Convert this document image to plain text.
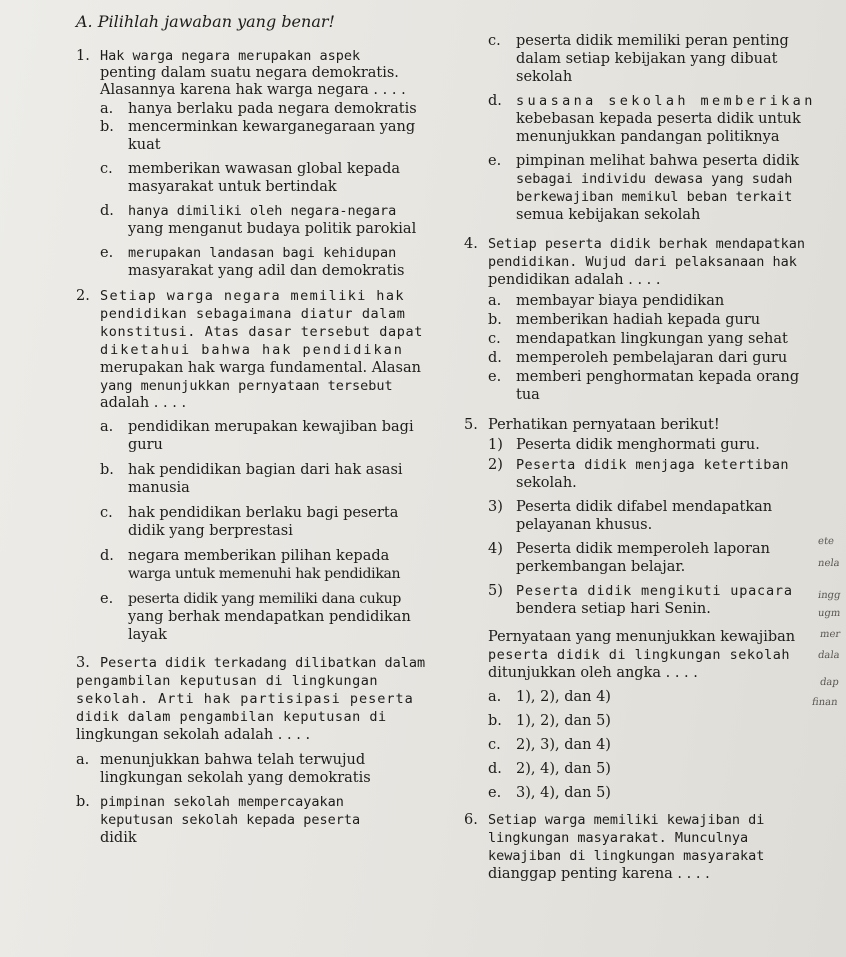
A. Pilihlah jawaban yang benar!
1. Hak warga negara merupakan aspek
penting dalam suatu negara demokratis.
Alasannya karena hak warga negara . . . .
a. hanya berlaku pada negara demokratis
b. mencerminkan kewarganegaraan yang
kuat
c. memberikan wawasan global kepada
masyarakat untuk bertindak
d. hanya dimiliki oleh negara-negara
yang menganut budaya politik parokial
e. merupakan landasan bagi kehidupan
masyarakat yang adil dan demokratis
2. Setiap warga negara memiliki hak
pendidikan sebagaimana diatur dalam
konstitusi. Atas dasar tersebut dapat
diketahui bahwa hak pendidikan
merupakan hak warga fundamental. Alasan
yang menunjukkan pernyataan tersebut
adalah . . . .
a. pendidikan merupakan kewajiban bagi
guru
b. hak pendidikan bagian dari hak asasi
manusia
c. hak pendidikan berlaku bagi peserta
didik yang berprestasi
d. negara memberikan pilihan kepada
warga untuk memenuhi hak pendidikan
e. peserta didik yang memiliki dana cukup
yang berhak mendapatkan pendidikan
layak
3. Peserta didik terkadang dilibatkan dalam
pengambilan keputusan di lingkungan
sekolah. Arti hak partisipasi peserta
didik dalam pengambilan keputusan di
lingkungan sekolah adalah . . . .
a. menunjukkan bahwa telah terwujud
lingkungan sekolah yang demokratis
b. pimpinan sekolah mempercayakan
keputusan sekolah kepada peserta
didik
c. peserta didik memiliki peran penting
dalam setiap kebijakan yang dibuat
sekolah
d. suasana sekolah memberikan
kebebasan kepada peserta didik untuk
menunjukkan pandangan politiknya
e. pimpinan melihat bahwa peserta didik
sebagai individu dewasa yang sudah
berkewajiban memikul beban terkait
semua kebijakan sekolah
4. Setiap peserta didik berhak mendapatkan
pendidikan. Wujud dari pelaksanaan hak
pendidikan adalah . . . .
a. membayar biaya pendidikan
b. memberikan hadiah kepada guru
c. mendapatkan lingkungan yang sehat
d. memperoleh pembelajaran dari guru
e. memberi penghormatan kepada orang
tua
5. Perhatikan pernyataan berikut!
1) Peserta didik menghormati guru.
2) Peserta didik menjaga ketertiban
sekolah.
3) Peserta didik difabel mendapatkan
pelayanan khusus.
4) Peserta didik memperoleh laporan
perkembangan belajar.
5) Peserta didik mengikuti upacara
bendera setiap hari Senin.
Pernyataan yang menunjukkan kewajiban
peserta didik di lingkungan sekolah
ditunjukkan oleh angka . . . .
a. 1), 2), dan 4)
b. 1), 2), dan 5)
c. 2), 3), dan 4)
d. 2), 4), dan 5)
e. 3), 4), dan 5)
6. Setiap warga memiliki kewajiban di
lingkungan masyarakat. Munculnya
kewajiban di lingkungan masyarakat
dianggap penting karena . . . .
ete
nela
ingg
ugm
mer
dala
dap
finan
